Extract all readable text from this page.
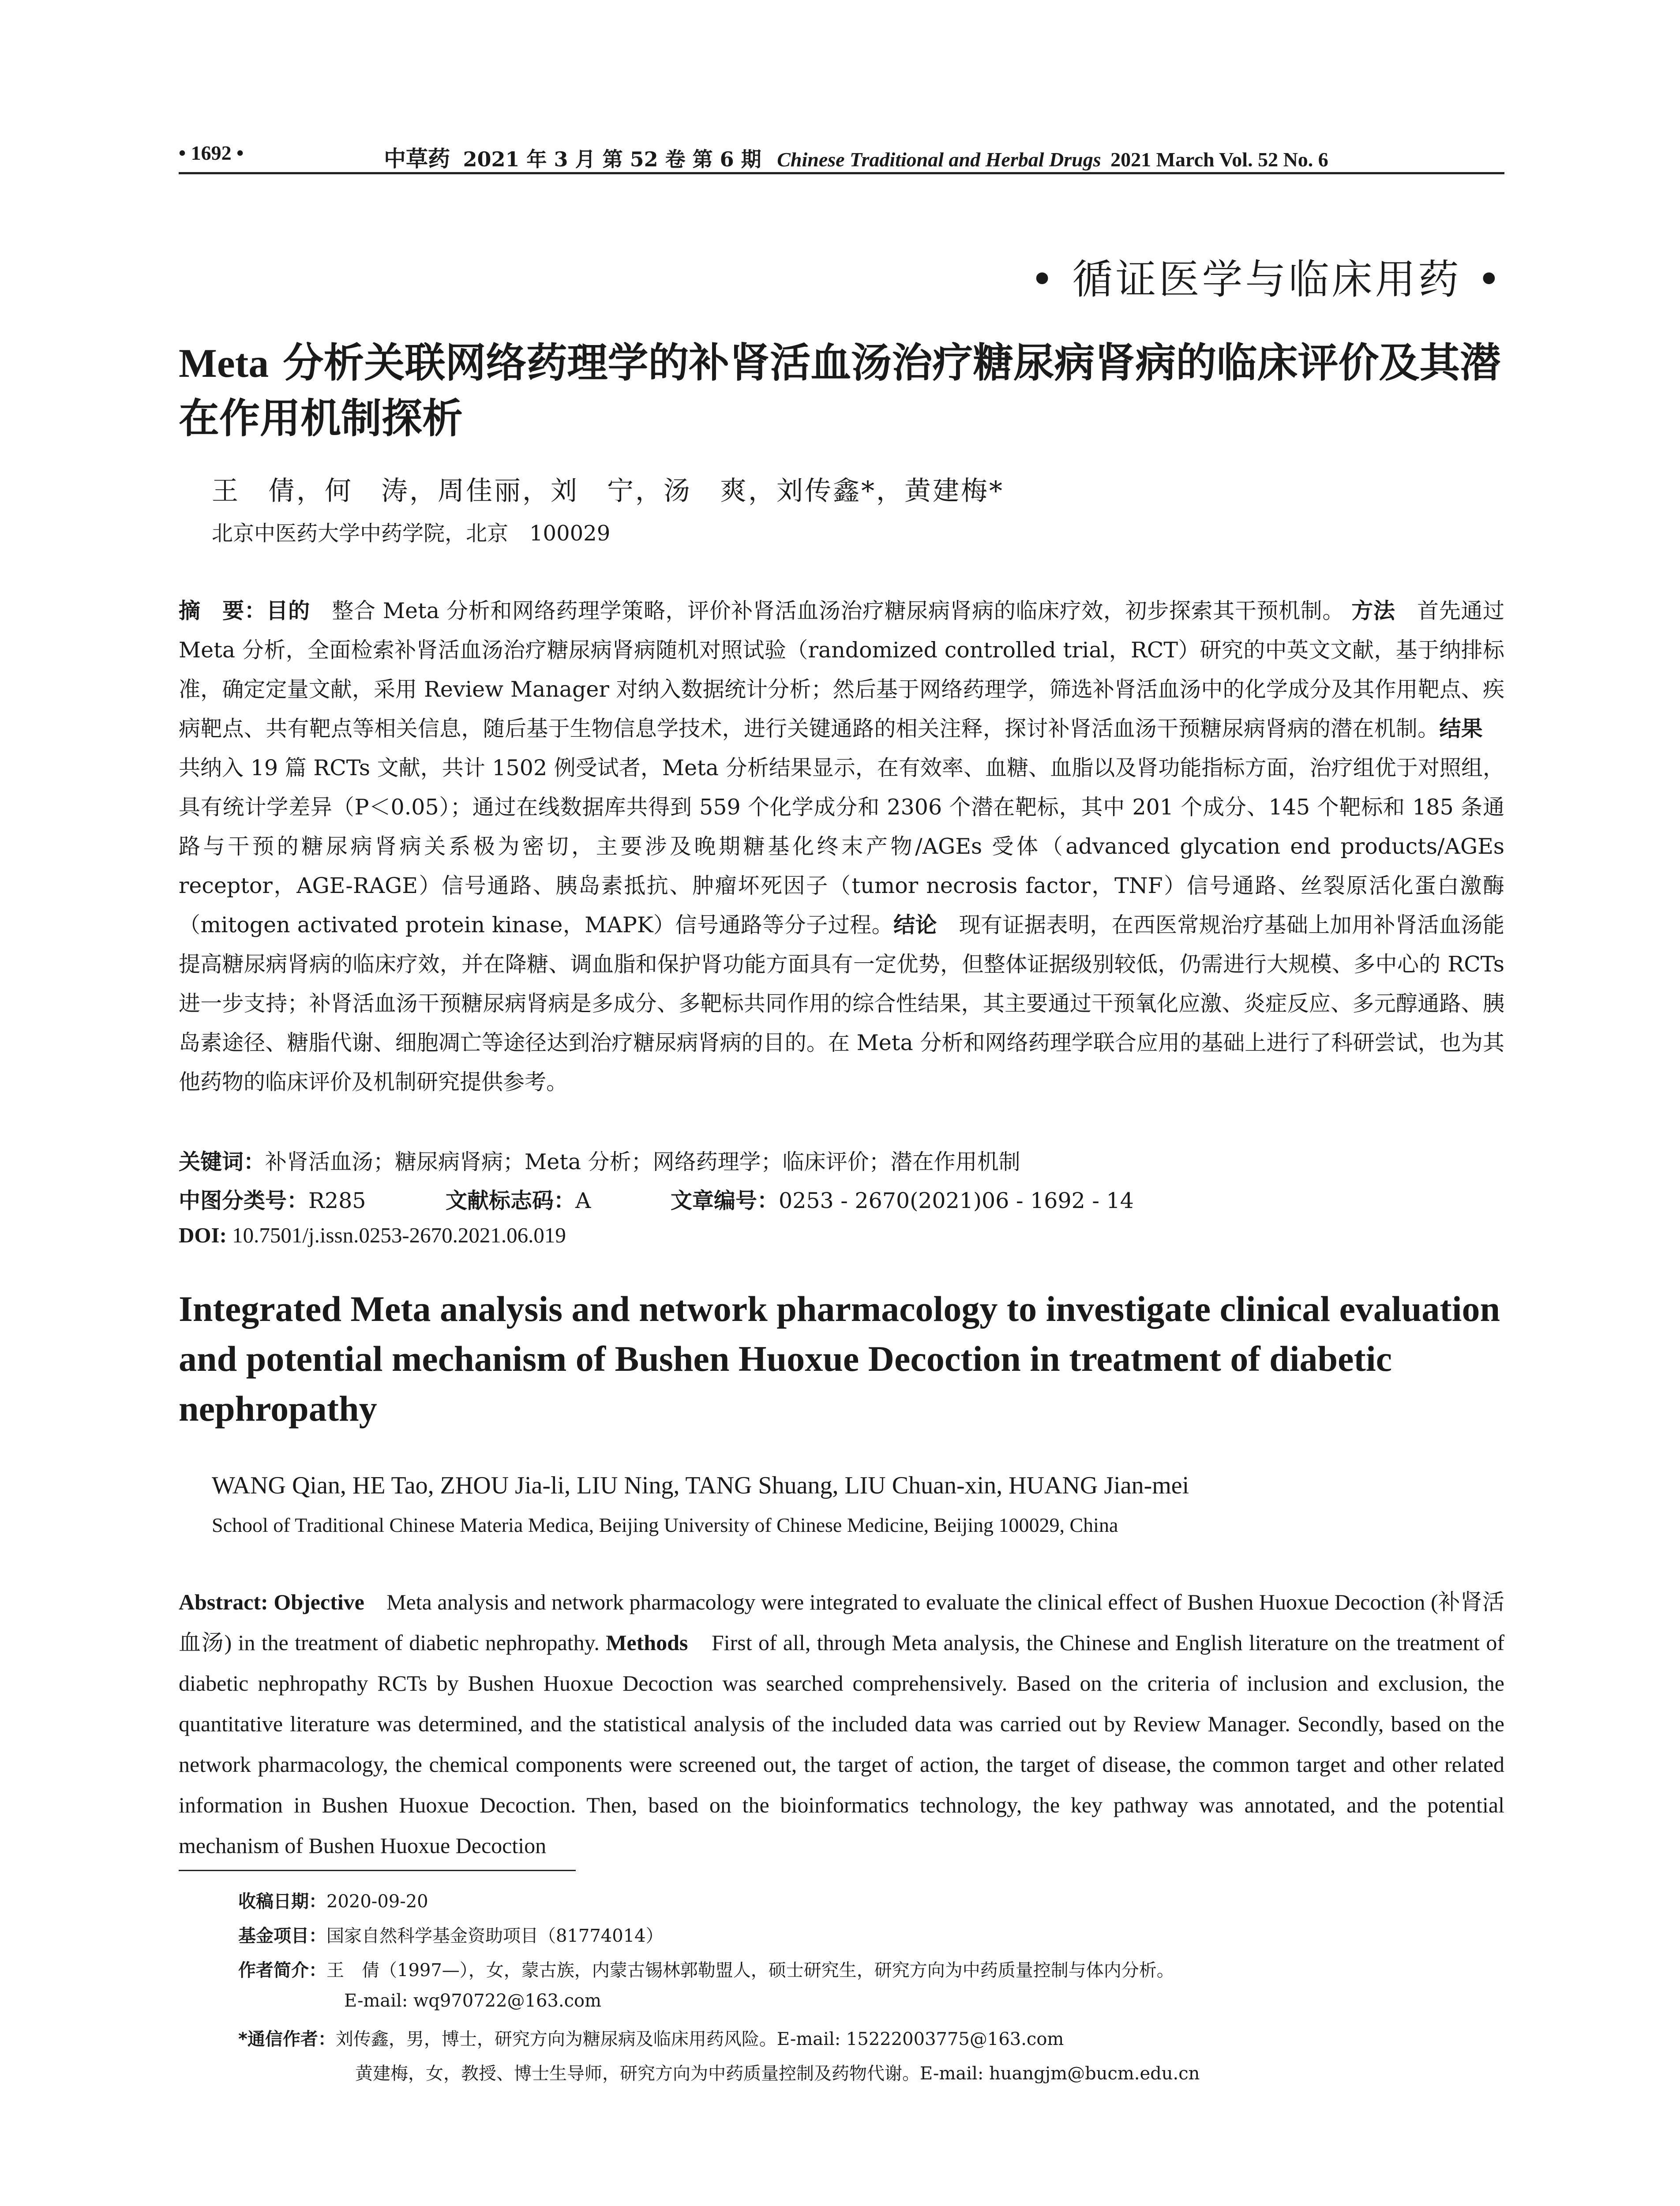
• 1692 •	中草药 2021 年 3 月 第 52 卷 第 6 期 Chinese Traditional and Herbal Drugs 2021 March Vol. 52 No. 6
• 循证医学与临床用药 •
Meta 分析关联网络药理学的补肾活血汤治疗糖尿病肾病的临床评价及其潜在作用机制探析
王　倩，何　涛，周佳丽，刘　宁，汤　爽，刘传鑫*，黄建梅*
北京中医药大学中药学院，北京　100029
摘　要：目的　整合 Meta 分析和网络药理学策略，评价补肾活血汤治疗糖尿病肾病的临床疗效，初步探索其干预机制。 方法　首先通过 Meta 分析，全面检索补肾活血汤治疗糖尿病肾病随机对照试验（randomized controlled trial，RCT）研究的中英文文献，基于纳排标准，确定定量文献，采用 Review Manager 对纳入数据统计分析；然后基于网络药理学，筛选补肾活血汤中的化学成分及其作用靶点、疾病靶点、共有靶点等相关信息，随后基于生物信息学技术，进行关键通路的相关注释，探讨补肾活血汤干预糖尿病肾病的潜在机制。结果　共纳入 19 篇 RCTs 文献，共计 1502 例受试者，Meta 分析结果显示，在有效率、血糖、血脂以及肾功能指标方面，治疗组优于对照组，具有统计学差异（P＜0.05）；通过在线数据库共得到 559 个化学成分和 2306 个潜在靶标，其中 201 个成分、145 个靶标和 185 条通路与干预的糖尿病肾病关系极为密切，主要涉及晚期糖基化终末产物/AGEs 受体（advanced glycation end products/AGEs receptor，AGE-RAGE）信号通路、胰岛素抵抗、肿瘤坏死因子（tumor necrosis factor，TNF）信号通路、丝裂原活化蛋白激酶（mitogen activated protein kinase，MAPK）信号通路等分子过程。结论　现有证据表明，在西医常规治疗基础上加用补肾活血汤能提高糖尿病肾病的临床疗效，并在降糖、调血脂和保护肾功能方面具有一定优势，但整体证据级别较低，仍需进行大规模、多中心的 RCTs 进一步支持；补肾活血汤干预糖尿病肾病是多成分、多靶标共同作用的综合性结果，其主要通过干预氧化应激、炎症反应、多元醇通路、胰岛素途径、糖脂代谢、细胞凋亡等途径达到治疗糖尿病肾病的目的。在 Meta 分析和网络药理学联合应用的基础上进行了科研尝试，也为其他药物的临床评价及机制研究提供参考。
关键词：补肾活血汤；糖尿病肾病；Meta 分析；网络药理学；临床评价；潜在作用机制
中图分类号：R285	文献标志码：A	文章编号：0253 - 2670(2021)06 - 1692 - 14
DOI: 10.7501/j.issn.0253-2670.2021.06.019
Integrated Meta analysis and network pharmacology to investigate clinical evaluation and potential mechanism of Bushen Huoxue Decoction in treatment of diabetic nephropathy
WANG Qian, HE Tao, ZHOU Jia-li, LIU Ning, TANG Shuang, LIU Chuan-xin, HUANG Jian-mei
School of Traditional Chinese Materia Medica, Beijing University of Chinese Medicine, Beijing 100029, China
Abstract: Objective　Meta analysis and network pharmacology were integrated to evaluate the clinical effect of Bushen Huoxue Decoction (补肾活血汤) in the treatment of diabetic nephropathy. Methods　First of all, through Meta analysis, the Chinese and English literature on the treatment of diabetic nephropathy RCTs by Bushen Huoxue Decoction was searched comprehensively. Based on the criteria of inclusion and exclusion, the quantitative literature was determined, and the statistical analysis of the included data was carried out by Review Manager. Secondly, based on the network pharmacology, the chemical components were screened out, the target of action, the target of disease, the common target and other related information in Bushen Huoxue Decoction. Then, based on the bioinformatics technology, the key pathway was annotated, and the potential mechanism of Bushen Huoxue Decoction
收稿日期：2020-09-20
基金项目：国家自然科学基金资助项目（81774014）
作者简介：王　倩（1997—），女，蒙古族，内蒙古锡林郭勒盟人，硕士研究生，研究方向为中药质量控制与体内分析。
E-mail: wq970722@163.com
*通信作者：刘传鑫，男，博士，研究方向为糖尿病及临床用药风险。E-mail: 15222003775@163.com
黄建梅，女，教授、博士生导师，研究方向为中药质量控制及药物代谢。E-mail: huangjm@bucm.edu.cn
